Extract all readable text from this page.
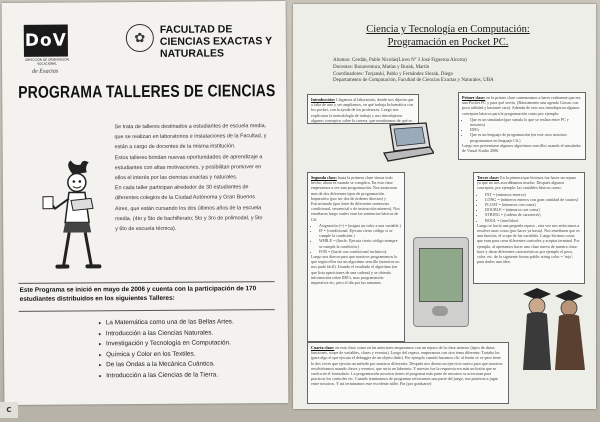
DoV
DIRECCIÓN DE ORIENTACIÓN VOCACIONAL
de Exactas
✿
FACULTAD DE CIENCIAS EXACTAS Y NATURALES
PROGRAMA TALLERES DE CIENCIAS
Se trata de talleres destinados a estudiantes de escuela media,
que se realizan en laboratorios e instalaciones de la Facultad, y
están a cargo de docentes de la misma institución.
Estos talleres brindan nuevas oportunidades de aprendizaje a
estudiantes con altas motivaciones, y posibilitan promover en
ellos el interés por las ciencias exactas y naturales.
En cada taller participan alrededor de 30 estudiantes de
diferentes colegios de la Ciudad Autónoma y Gran Buenos
Aires, que están cursando los dos últimos años de la escuela
media. (4to y 5to de bachillerato; 5to y 3ro de polimodal, y 5to
y 6to de escuela técnica).
Este Programa se inició en mayo de 2006 y cuenta con la participación de 170 estudiantes distribuidos en los siguientes Talleres:
▸ La Matemática como una de las Bellas Artes.
▸ Introducción a las Ciencias Naturales.
▸ Investigación y Tecnología en Computación.
▸ Química y Color en los Textiles.
▸ De las Ondas a la Mecánica Cuántica.
▸ Introducción a las Ciencias de la Tierra.
Ciencia y Tecnología en Computación:
Programación en Pocket PC.
Alumno: Cerdán, Pablo Nicolás(Liceo Nº 3 José Figueroa Alcorta)
Docentes: Bonaventura, Matías y Burak, Martín
Coordinadores: Turjanski, Pablo y Fernández Slezak, Diego
Departamento de Computación, Facultad de Ciencias Exactas y Naturales, UBA
Introducción: Llegamos al laboratorio, donde nos dijeron que a falta de uno y ser ampliamos, en qué trabaja Informática con los pocket, con la ayuda de los profesores. Luego nos explicaron la metodología de trabajo y nos introdujeron algunos conceptos sobre la carrera, que nombramos de qué se...
Primer clase: en la primer clase comenzamos a hacer realmente que era una Pocket PC y para qué servía. (Básicamente una agenda Grosso con poca utilidad y bastante cara). Además de esto nos introdujeron algunos conceptos básicos para la programación como por ejemplo:
• Que es un simulador(que simula lo que se realiza entre PC y nosotros)
• IDE's
• Que es un lenguaje de programación (en este caso nosotros programamos en lenguaje C#.)
Luego nos presentaron algunos algoritmos sencillos usando el simulador de Visual Studio 2006.
Segunda clase: hasta la primera clase vimos todo hecho, ahora es cuando se complica. En esta clase empezamos a ver mas programación. Nos mostraron mas de dos diferentes tipos de programación. Imperativo (por ser dos de órdenes directas) y Estructurado (que tiene de diferentes sentencias condicional, secuencial o de instrucción número). Nos enseñaron luego cuales eran las sentencias básicas de C#:
• Asignación (=) = (asigna un valor a una variable.)
• IF = (condicional. Ejecuta cierto código si se cumple la condición.)
• WHILE = (bucle. Ejecuta cierto código siempre se cumple la condición.)
• FOR = (bucle con condicional inclusivo).
Luego nos dieron para que nosotros programemos lo que según ellos era un algoritmo sencillo (nosotros no nos pudo fácil). Usando el resultado el algoritmo (en que lista apariciones de una cadena) y se obtenía información sobre IDE's, mas programación imperativa etc, pero el día por las semanas.
Tercer clase: En la primera que hicimos fue hacer un repaso ya que no nos acordábamos mucho. Después algunos conceptos, por ejemplo: las variables básicas como:
• INT = (números enteros)
• LONG = (números enteros con gran cantidad de cuatros)
• FLOAT = (números con coma)
• DOUBLE = (números con coma)
• STRING = (cadena de caracteres)
• BOOL = (true/false)
Luego se hacía una pequeña repaso , esta vez nos enfocamos a resolver unas cosas (por hacer ya hasta). Nos enseñaron que es una función, el scope de las variables. Luego hicimos cosas que eran para crear diferentes controles y aceptar terminal. Por ejemplo, al apretamos hacer una clase nueva de nuestra clase, hace y darse diferentes características por ejemplo el peso, color, etc. de la siguiente forma public string color = 'rojo'; para darles una idea.
Cuarta clase: en esta clase como en las anteriores empezamos con un repaso de la clase anterior (tipos de datos, funciones, scope de variables, clases y eventos). Luego del repaso, empezamos con otro tema diferente. Trataba los (para algo el que ejecuta el debugger de un objeto dado). Por ejemplo cuando hacemos clic al botón se ve pero tiene lo dos veces que ejecuta un método por nuestros diferentes. Después nos dieron un ejercicio nuevo para que nosotros resolviéramos usando clases y eventos, que sería un laberinto. Y nuestro fue la respuesta era más un botón que se vuelca en el formulario. La programación nosotros tienes el programa más parte de nosotros se acercaran para practicar los controles etc. Cuando terminamos de programar reforzamos una parte del juego, nos pusieron a jugar entre nosotros. Y así terminamos este excelente taller. Fin (por graduarse)
C
